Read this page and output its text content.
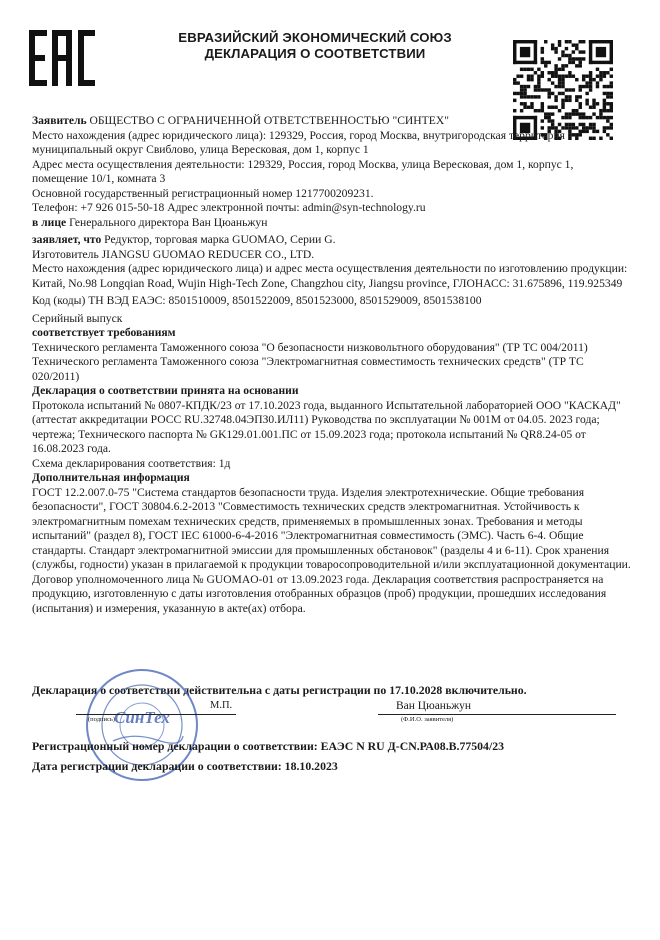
EAC
ЕВРАЗИЙСКИЙ ЭКОНОМИЧЕСКИЙ СОЮЗ
ДЕКЛАРАЦИЯ О СООТВЕТСТВИИ

Заявитель ОБЩЕСТВО С ОГРАНИЧЕННОЙ ОТВЕТСТВЕННОСТЬЮ "СИНТЕХ"

Место нахождения (адрес юридического лица): 129329, Россия, город Москва, внутригородская территория муниципальный округ Свиблово, улица Вересковая, дом 1, корпус 1

Адрес места осуществления деятельности: 129329, Россия, город Москва, улица Вересковая, дом 1, корпус 1, помещение 10/1, комната 3

Основной государственный регистрационный номер 1217700209231.

Телефон: +7 926 015-50-18 Адрес электронной почты: admin@syn-technology.ru

в лице Генерального директора Ван Цюаньжун

заявляет, что Редуктор, торговая марка GUOMAO, Серии G.

Изготовитель JIANGSU GUOMAO REDUCER CO., LTD.

Место нахождения (адрес юридического лица) и адрес места осуществления деятельности по изготовлению продукции: Китай, No.98 Longqian Road, Wujin High-Tech Zone, Changzhou city, Jiangsu province, ГЛОНАСС: 31.675896, 119.925349

Код (коды) ТН ВЭД ЕАЭС: 8501510009, 8501522009, 8501523000, 8501529009, 8501538100

Серийный выпуск

соответствует требованиям

Технического регламента Таможенного союза "О безопасности низковольтного оборудования" (ТР ТС 004/2011)

Технического регламента Таможенного союза "Электромагнитная совместимость технических средств" (ТР ТС 020/2011)

Декларация о соответствии принята на основании

Протокола испытаний № 0807-КПДК/23 от 17.10.2023 года, выданного Испытательной лабораторией ООО "КАСКАД" (аттестат аккредитации РОСС RU.32748.04ЭПЗ0.ИЛ11) Руководства по эксплуатации № 001M от 04.05. 2023 года; чертежа; Технического паспорта № GK129.01.001.ПС от 15.09.2023 года; протокола испытаний № QR8.24-05 от 16.08.2023 года.

Схема декларирования соответствия: 1д

Дополнительная информация

ГОСТ 12.2.007.0-75 "Система стандартов безопасности труда. Изделия электротехнические. Общие требования безопасности", ГОСТ 30804.6.2-2013 "Совместимость технических средств электромагнитная. Устойчивость к электромагнитным помехам технических средств, применяемых в промышленных зонах. Требования и методы испытаний" (раздел 8), ГОСТ IEC 61000-6-4-2016 "Электромагнитная совместимость (ЭМС). Часть 6-4. Общие стандарты. Стандарт электромагнитной эмиссии для промышленных обстановок" (разделы 4 и 6-11). Срок хранения (службы, годности) указан в прилагаемой к продукции товаросопроводительной и/или эксплуатационной документации.

Договор уполномоченного лица № GUOMAO-01 от 13.09.2023 года. Декларация соответствия распространяется на продукцию, изготовленную с даты изготовления отобранных образцов (проб) продукции, прошедших исследования (испытания) и измерения, указанную в акте(ах) отбора.

Декларация о соответствии действительна с даты регистрации по 17.10.2028 включительно.
СинТех
М.П.	Ван Цюаньжун
(подпись)	(Ф.И.О. заявителя)
Регистрационный номер декларации о соответствии: ЕАЭС N RU Д-CN.РА08.В.77504/23
Дата регистрации декларации о соответствии: 18.10.2023
